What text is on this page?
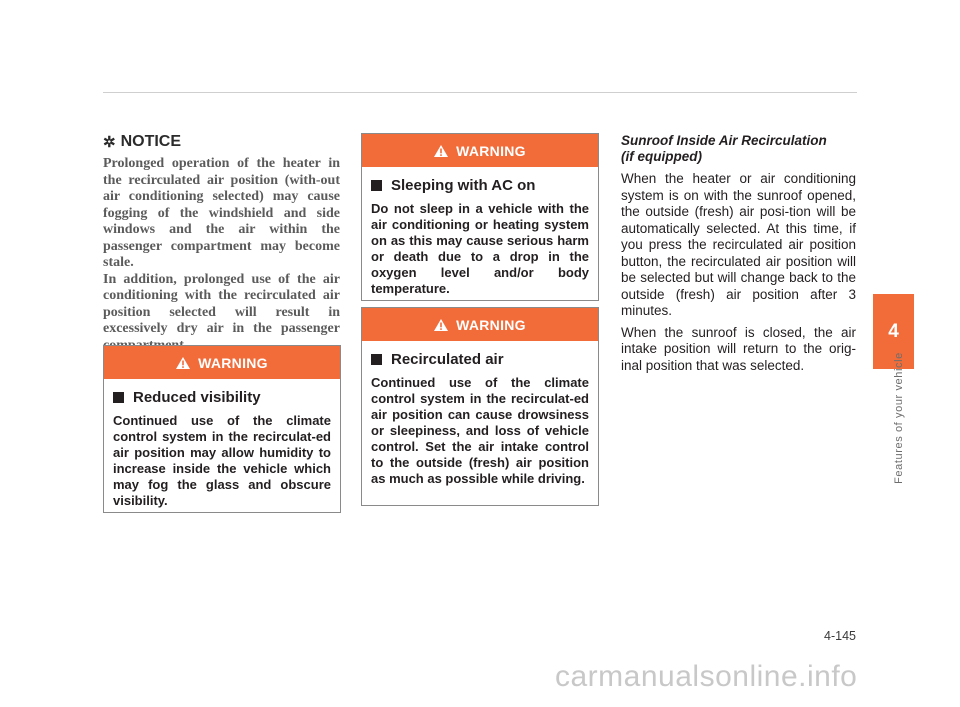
✲ NOTICE

Prolonged operation of the heater in the recirculated air position (with-out air conditioning selected) may cause fogging of the windshield and side windows and the air within the passenger compartment may become stale.

In addition, prolonged use of the air conditioning with the recirculated air position selected will result in excessively dry air in the passenger

WARNING
Reduced visibility
Continued use of the climate control system in the recirculat-ed air position may allow humidity to increase inside the vehicle which may fog the glass and obscure visibility.
WARNING
Sleeping with AC on
Do not sleep in a vehicle with the air conditioning or heating system on as this may cause serious harm or death due to a drop in the oxygen level and/or body temperature.
WARNING
Recirculated air
Continued use of the climate control system in the recirculat-ed air position can cause drowsiness or sleepiness, and loss of vehicle control. Set the air intake control to the outside (fresh) air position as much as possible while driving.
Sunroof Inside Air Recirculation
(if equipped)

When the heater or air conditioning system is on with the sunroof opened, the outside (fresh) air posi-tion will be automatically selected. At this time, if you press the recirculated air position button, the recirculated air position will be selected but will change back to the outside (fresh) air position after 3 minutes.

When the sunroof is closed, the air intake position will return to the orig-inal position that was selected.

4
Features of your vehicle
4-145
carmanualsonline.info
